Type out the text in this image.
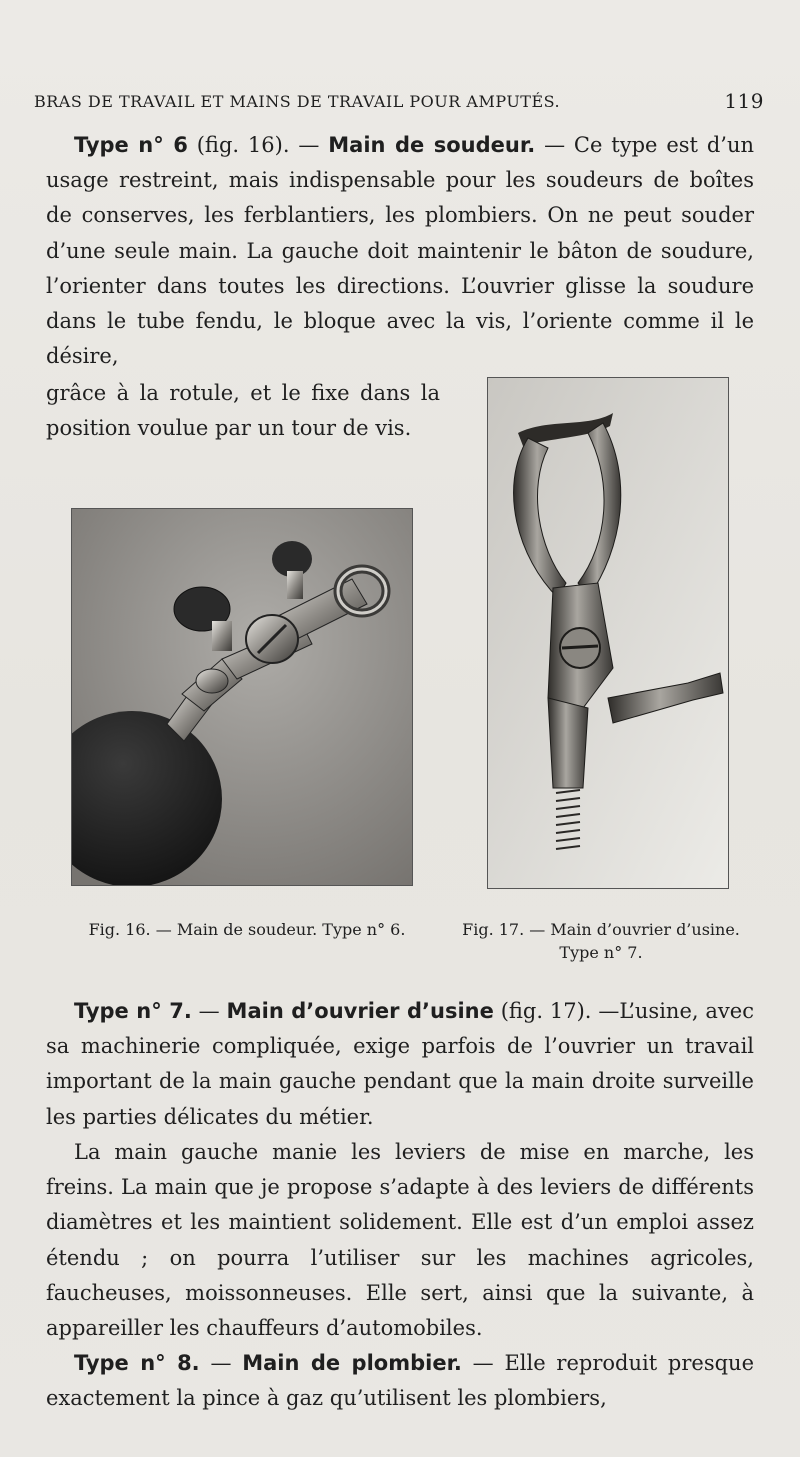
BRAS DE TRAVAIL ET MAINS DE TRAVAIL POUR AMPUTÉS.	119

Type n° 6 (fig. 16). — Main de soudeur. — Ce type est d’un usage restreint, mais indispensable pour les soudeurs de boîtes de conserves, les ferblantiers, les plombiers. On ne peut souder d’une seule main. La gauche doit maintenir le bâton de soudure, l’orienter dans toutes les directions. L’ouvrier glisse la soudure dans le tube fendu, le bloque avec la vis, l’oriente comme il le désire,

grâce à la rotule, et le fixe dans la position voulue par un tour de vis.

Fig. 16. — Main de soudeur. Type n° 6.	Fig. 17. — Main d’ouvrier d’usine. Type n° 7.

Type n° 7. — Main d’ouvrier d’usine (fig. 17). —L’usine, avec sa machinerie compliquée, exige parfois de l’ouvrier un travail important de la main gauche pendant que la main droite surveille les parties délicates du métier.

La main gauche manie les leviers de mise en marche, les freins. La main que je propose s’adapte à des leviers de différents diamètres et les maintient solidement. Elle est d’un emploi assez étendu ; on pourra l’utiliser sur les machines agricoles, faucheuses, moissonneuses. Elle sert, ainsi que la suivante, à appareiller les chauffeurs d’automobiles.

Type n° 8. — Main de plombier. — Elle reproduit presque exactement la pince à gaz qu’utilisent les plombiers,
